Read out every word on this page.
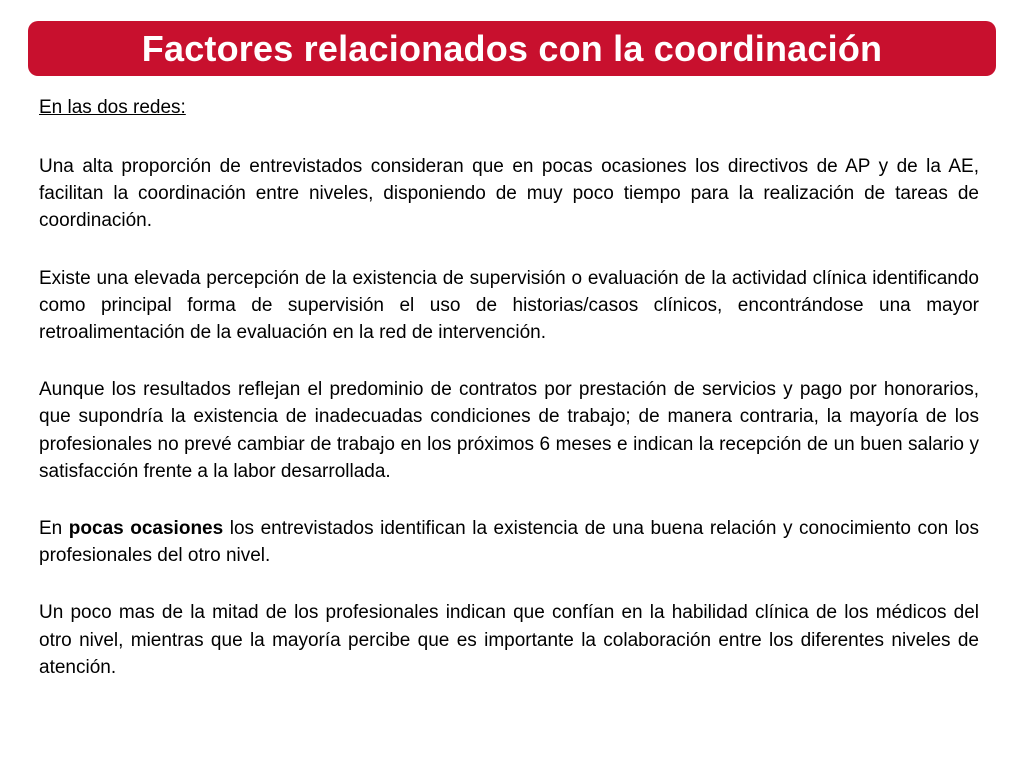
Factores relacionados con la coordinación
En las dos redes:

Una alta proporción de entrevistados consideran que en pocas ocasiones los directivos de AP y de la AE, facilitan la coordinación entre niveles, disponiendo de muy poco tiempo para la realización de tareas de coordinación.

Existe una elevada percepción de la existencia de supervisión o evaluación de la actividad clínica identificando como principal forma de supervisión el uso de historias/casos clínicos, encontrándose una mayor retroalimentación de la evaluación en la red de intervención.

Aunque los resultados reflejan el predominio de contratos por prestación de servicios y pago por honorarios, que supondría la existencia de inadecuadas condiciones de trabajo; de manera contraria, la mayoría de los profesionales no prevé cambiar de trabajo en los próximos 6 meses e indican la recepción de un buen salario y satisfacción frente a la labor desarrollada.

En pocas ocasiones los entrevistados identifican la existencia de una buena relación y conocimiento con los profesionales del otro nivel.

Un poco mas de la mitad de los profesionales indican que confían en la habilidad clínica de los médicos del otro nivel, mientras que la mayoría percibe que es importante la colaboración entre los diferentes niveles de atención.
